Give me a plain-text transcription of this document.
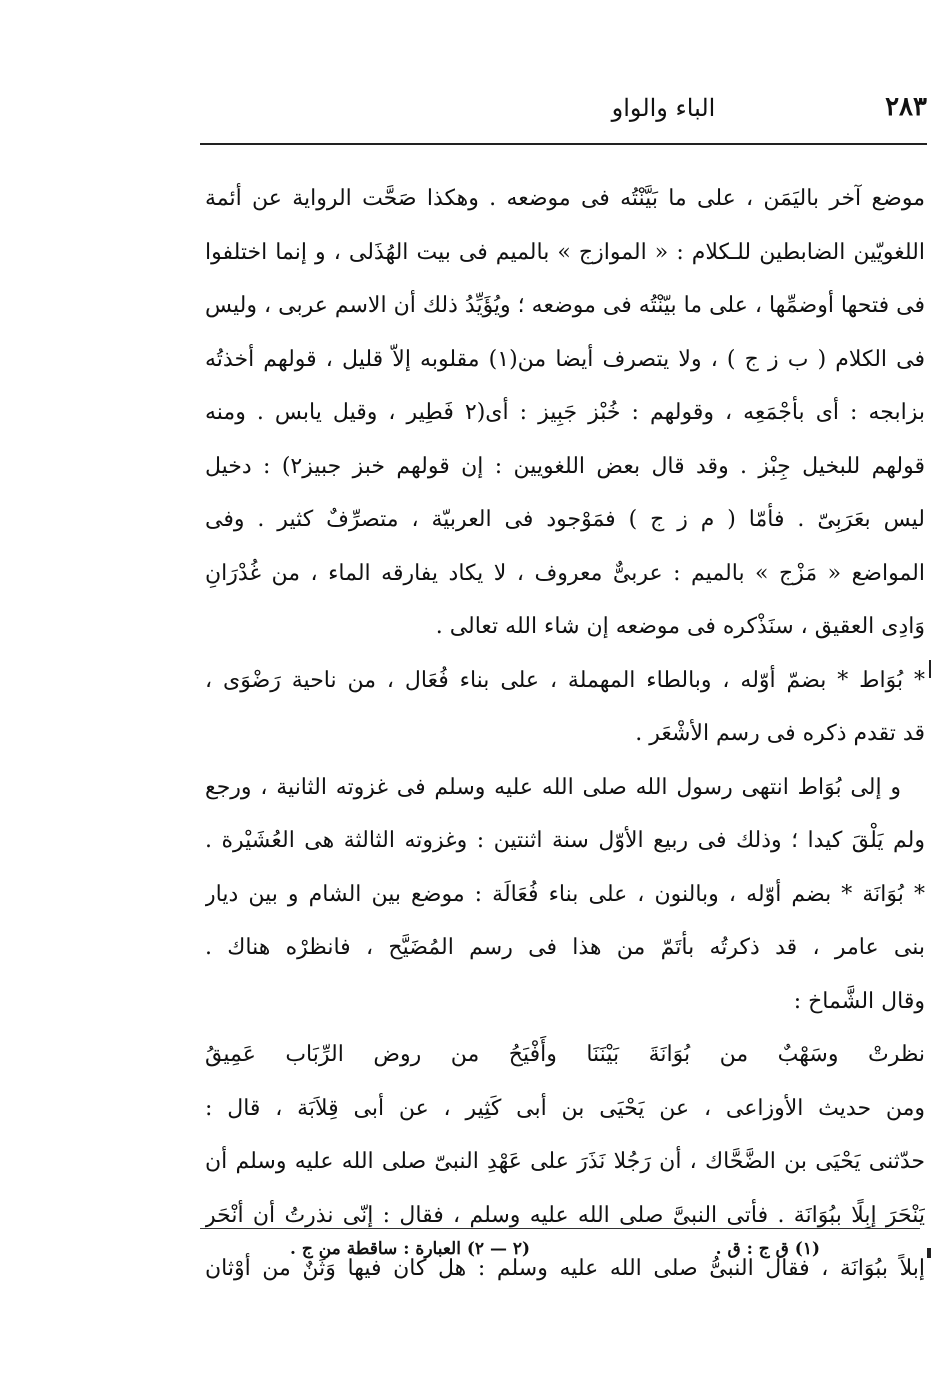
٢٨٣
الباء والواو
موضع آخر باليَمَن ، على ما بَيَّنْتُه فى موضعه . وهكذا صَحَّت الرواية عن أئمة
اللغويّين الضابطين للـكلام : « الموازج » بالميم فى بيت الهُذَلى ، و إنما اختلفوا
فى فتحها أوضمِّها ، على ما بيّنْتُه فى موضعه ؛ ويُؤَيِّدُ ذلك أن الاسم عربى ، وليس
فى الكلام ( ب ز ج ) ، ولا يتصرف أيضا من(١) مقلوبه إلاّ قليل ، قولهم أخذتُه
بزابجه : أى بأجْمَعِه ، وقولهم : خُبْز جَبِيز : أى(٢ فَطِير ، وقيل يابس . ومنه
قولهم للبخيل جِبْز . وقد قال بعض اللغويين : إن قولهم خبز جبيز٢) : دخيل
ليس بعَرَبِىّ . فأمّا ( م ز ج ) فمَوْجود فى العربيّة ، متصرِّفٌ كثير . وفى
المواضع « مَزْج » بالميم : عربىٌّ معروف ، لا يكاد يفارقه الماء ، من غُدْرَانِ
وَادِى العقيق ، سنَذْكره فى موضعه إن شاء الله تعالى .
* بُوَاط * بضمّ أوّله ، وبالطاء المهملة ، على بناء فُعَال ، من ناحية رَضْوَى ،
قد تقدم ذكره فى رسم الأشْعَر .
و إلى بُوَاط انتهى رسول الله صلى الله عليه وسلم فى غزوته الثانية ، ورجع
ولم يَلْقَ كيدا ؛ وذلك فى ربيع الأوّل سنة اثنتين : وغزوته الثالثة هى العُشَيْرة .
* بُوَانَة * بضم أوّله ، وبالنون ، على بناء فُعَالَة : موضع بين الشام و بين ديار
بنى عامر ، قد ذكرتُه بأتَمّ من هذا فى رسم المُضَيَّح ، فانظرْه هناك .
وقال الشَّماخ :
نظرتْ وسَهْبٌ من بُوَانَةَ بَيْنَنَا وأَفْيَحُ من روض الرِّبَاب عَمِيقُ
ومن حديث الأوزاعى ، عن يَحْيَى بن أبى كَثِير ، عن أبى قِلاَبَة ، قال :
حدّثنى يَحْيَى بن الضَّحَّاك ، أن رَجُلا نَذَرَ على عَهْدِ النبىّ صلى الله عليه وسلم أن
يَنْحَرَ إبِلًا ببُوَانَة . فأتى النبىَّ صلى الله عليه وسلم ، فقال : إنّى نذرتُ أن أنْحَر
إبلاً ببُوَانَة ، فقال النبىُّ صلى الله عليه وسلم : هل كان فيها وَثَنٌ من أوْثان
(١) ق ج : ق .
(٢ — ٢) العبارة : ساقطة من ج .
